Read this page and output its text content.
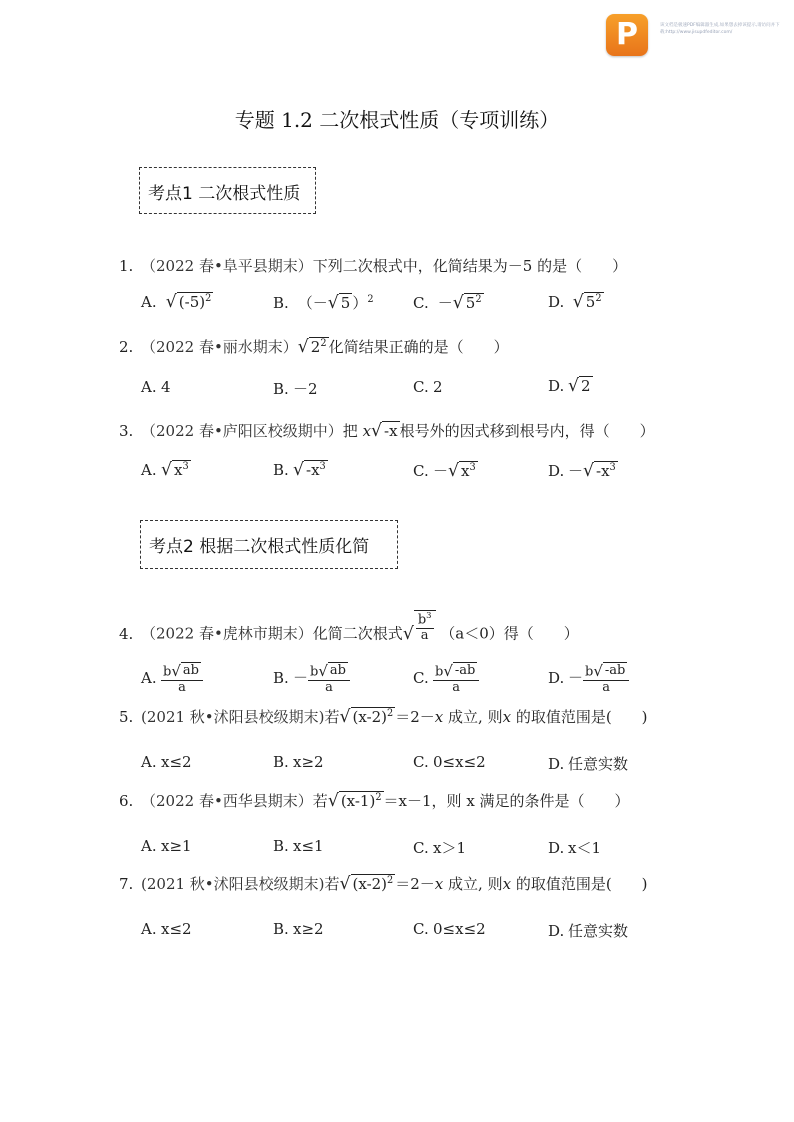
P	该文档是极速PDF编辑器生成,如果想去掉该提示,请访问并下载:http://www.jisupdfeditor.com/
专题 1.2 二次根式性质（专项训练）
考点1 二次根式性质
1. （2022 春•阜平县期末）下列二次根式中，化简结果为－5 的是（　　）
A. √ $(-5)^2$	B. （－ √ 5 ）$^2$	C. － √ $5^2$	D. √ $5^2$
2. （2022 春•丽水期末） √ $2^2$ 化简结果正确的是（　　）
A. 4	B. －2	C. 2	D. √ 2
3. （2022 春•庐阳区校级期中）把 x √ -x 根号外的因式移到根号内，得（　　）
A. √ $x^3$	B. √ $-x^3$	C. － √ $x^3$	D. － √ $-x^3$
考点2 根据二次根式性质化简
4. （2022 春•虎林市期末）化简二次根式 √ $\frac{b^3}{a} (a<0)$得（　　）
A. $\frac{b √ ab}{a}$	B. － $\frac{b √ ab}{a}$	C. $\frac{b √ -ab}{a}$	D. － $\frac{b √ -ab}{a}$
5. (2021 秋•沭阳县校级期末)若 √ $(x-2)^2 =2-x$ 成立, 则x 的取值范围是(　　)
A. x≤2	B. x≥2	C. 0≤x≤2	D. 任意实数
6. （2022 春•西华县期末）若 √ $(x-1)^2 =x-1$，则 x 满足的条件是（　　）
A. x≥1	B. x≤1	C. x＞1	D. x＜1
7. (2021 秋•沭阳县校级期末)若 √ $(x-2)^2 =2-x$ 成立, 则x 的取值范围是(　　)
A. x≤2	B. x≥2	C. 0≤x≤2	D. 任意实数
